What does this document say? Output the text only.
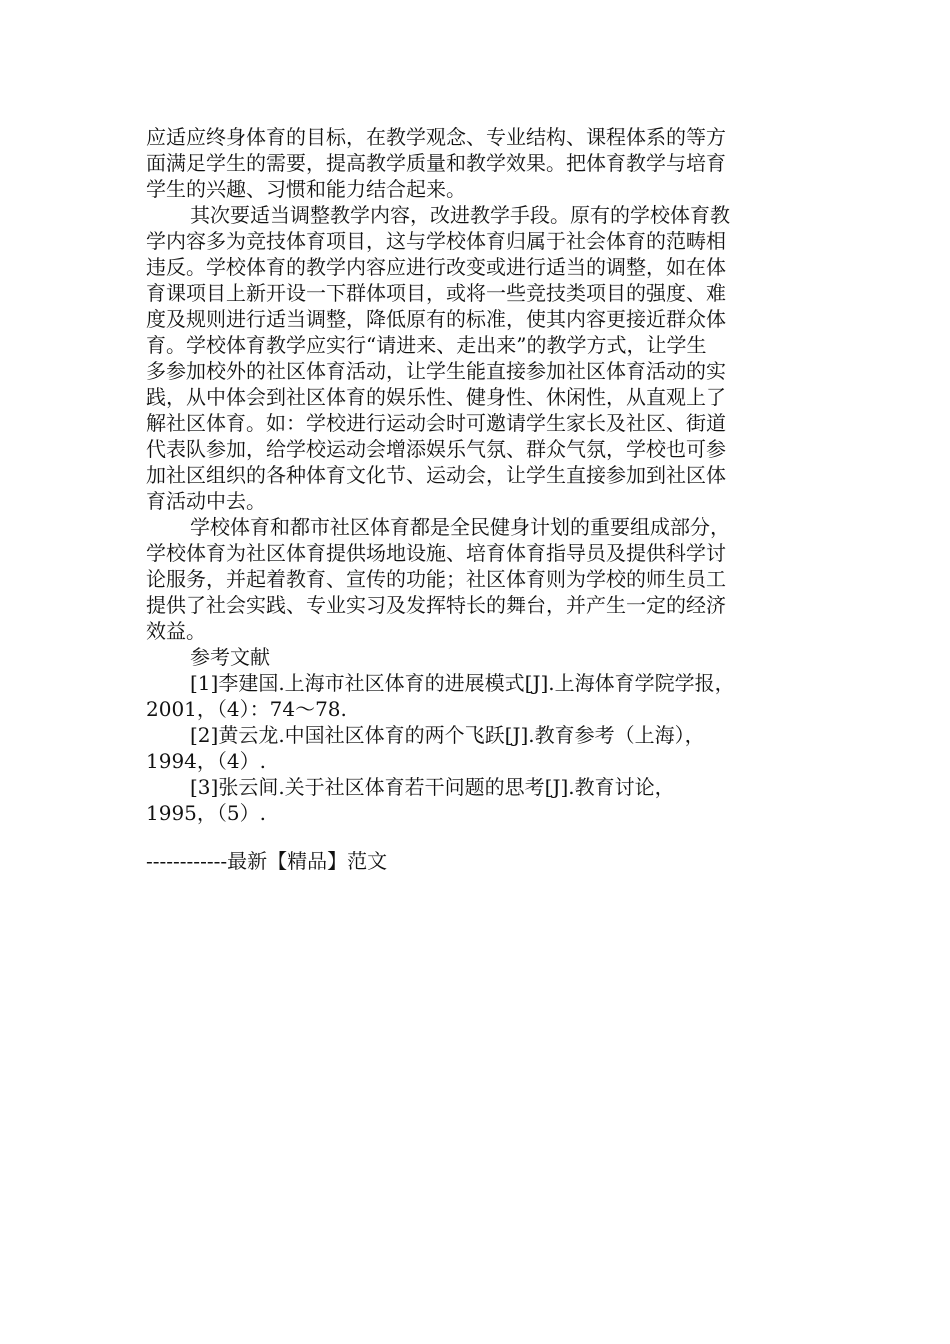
应适应终身体育的目标，在教学观念、专业结构、课程体系的等方
面满足学生的需要，提高教学质量和教学效果。把体育教学与培育
学生的兴趣、习惯和能力结合起来。
其次要适当调整教学内容，改进教学手段。原有的学校体育教
学内容多为竞技体育项目，这与学校体育归属于社会体育的范畴相
违反。学校体育的教学内容应进行改变或进行适当的调整，如在体
育课项目上新开设一下群体项目，或将一些竞技类项目的强度、难
度及规则进行适当调整，降低原有的标准，使其内容更接近群众体
育。学校体育教学应实行“请进来、走出来”的教学方式，让学生
多参加校外的社区体育活动，让学生能直接参加社区体育活动的实
践，从中体会到社区体育的娱乐性、健身性、休闲性，从直观上了
解社区体育。如：学校进行运动会时可邀请学生家长及社区、街道
代表队参加，给学校运动会增添娱乐气氛、群众气氛，学校也可参
加社区组织的各种体育文化节、运动会，让学生直接参加到社区体
育活动中去。
学校体育和都市社区体育都是全民健身计划的重要组成部分，
学校体育为社区体育提供场地设施、培育体育指导员及提供科学讨
论服务，并起着教育、宣传的功能；社区体育则为学校的师生员工
提供了社会实践、专业实习及发挥特长的舞台，并产生一定的经济
效益。
参考文献
[1]李建国.上海市社区体育的进展模式[J].上海体育学院学报，
2001，（4）：74～78.
[2]黄云龙.中国社区体育的两个飞跃[J].教育参考（上海），
1994，（4）.
[3]张云间.关于社区体育若干问题的思考[J].教育讨论，
1995，（5）.
------------最新【精品】范文
